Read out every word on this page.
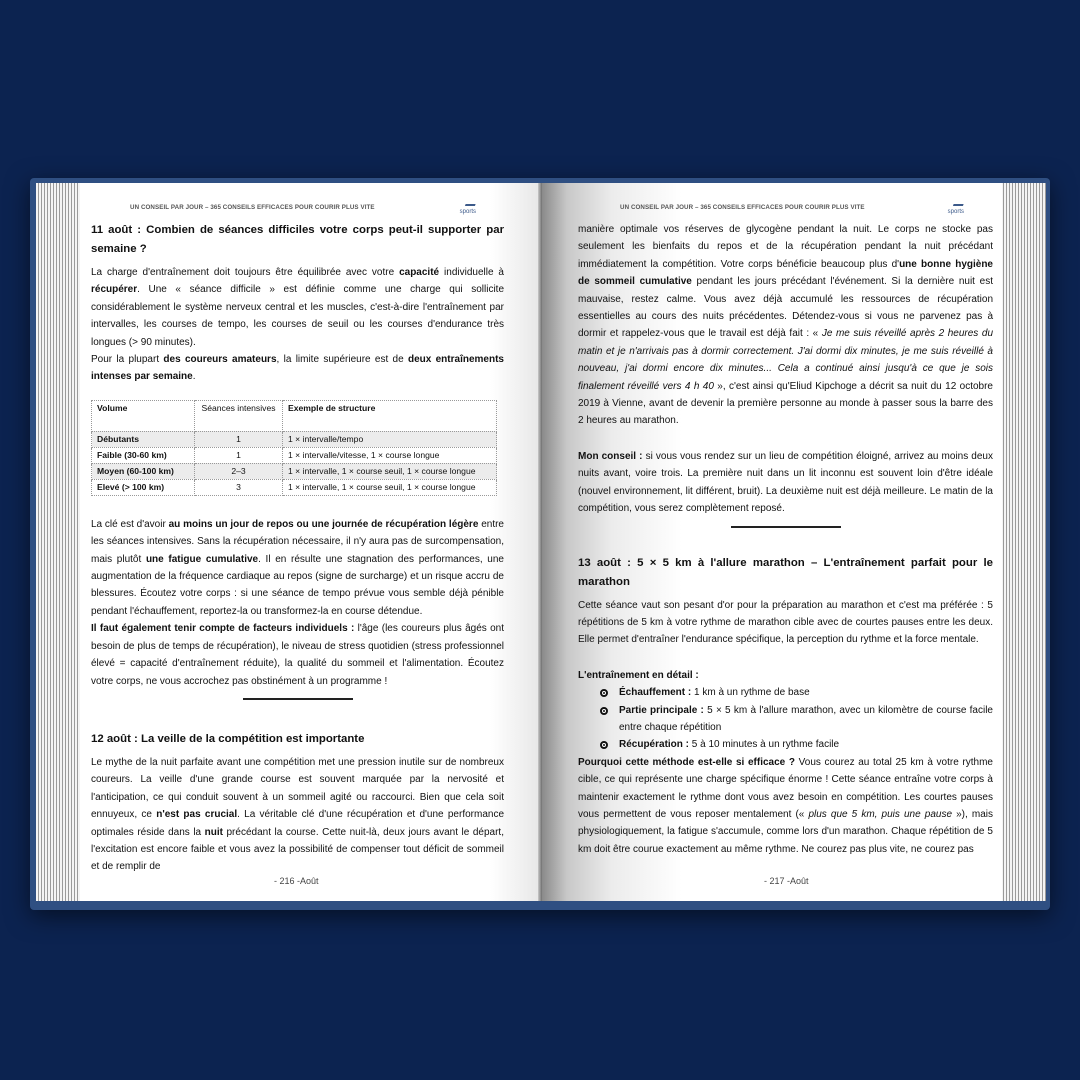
UN CONSEIL PAR JOUR – 365 CONSEILS EFFICACES POUR COURIR PLUS VITE

sports
11 août : Combien de séances difficiles votre corps peut-il supporter par semaine ?

La charge d'entraînement doit toujours être équilibrée avec votre capacité individuelle à récupérer. Une « séance difficile » est définie comme une charge qui sollicite considérablement le système nerveux central et les muscles, c'est-à-dire l'entraînement par intervalles, les courses de tempo, les courses de seuil ou les courses d'endurance très longues (> 90 minutes).

Pour la plupart des coureurs amateurs, la limite supérieure est de deux entraînements intenses par semaine.

Volume	Séances intensives	Exemple de structure
Débutants	1	1 × intervalle/tempo
Faible (30-60 km)	1	1 × intervalle/vitesse, 1 × course longue
Moyen (60-100 km)	2–3	1 × intervalle, 1 × course seuil, 1 × course longue
Elevé (> 100 km)	3	1 × intervalle, 1 × course seuil, 1 × course longue

La clé est d'avoir au moins un jour de repos ou une journée de récupération légère entre les séances intensives. Sans la récupération nécessaire, il n'y aura pas de surcompensation, mais plutôt une fatigue cumulative. Il en résulte une stagnation des performances, une augmentation de la fréquence cardiaque au repos (signe de surcharge) et un risque accru de blessures. Écoutez votre corps : si une séance de tempo prévue vous semble déjà pénible pendant l'échauffement, reportez-la ou transformez-la en course détendue.

Il faut également tenir compte de facteurs individuels : l'âge (les coureurs plus âgés ont besoin de plus de temps de récupération), le niveau de stress quotidien (stress professionnel élevé = capacité d'entraînement réduite), la qualité du sommeil et l'alimentation. Écoutez votre corps, ne vous accrochez pas obstinément à un programme !

12 août : La veille de la compétition est importante

Le mythe de la nuit parfaite avant une compétition met une pression inutile sur de nombreux coureurs. La veille d'une grande course est souvent marquée par la nervosité et l'anticipation, ce qui conduit souvent à un sommeil agité ou raccourci. Bien que cela soit ennuyeux, ce n'est pas crucial. La véritable clé d'une récupération et d'une performance optimales réside dans la nuit précédant la course. Cette nuit-là, deux jours avant le départ, l'excitation est encore faible et vous avez la possibilité de compenser tout déficit de sommeil et de remplir de

- 216 -Août
UN CONSEIL PAR JOUR – 365 CONSEILS EFFICACES POUR COURIR PLUS VITE

sports

manière optimale vos réserves de glycogène pendant la nuit. Le corps ne stocke pas seulement les bienfaits du repos et de la récupération pendant la nuit précédant immédiatement la compétition. Votre corps bénéficie beaucoup plus d'une bonne hygiène de sommeil cumulative pendant les jours précédant l'événement. Si la dernière nuit est mauvaise, restez calme. Vous avez déjà accumulé les ressources de récupération essentielles au cours des nuits précédentes. Détendez-vous si vous ne parvenez pas à dormir et rappelez-vous que le travail est déjà fait : « Je me suis réveillé après 2 heures du matin et je n'arrivais pas à dormir correctement. J'ai dormi dix minutes, je me suis réveillé à nouveau, j'ai dormi encore dix minutes... Cela a continué ainsi jusqu'à ce que je sois finalement réveillé vers 4 h 40 », c'est ainsi qu'Eliud Kipchoge a décrit sa nuit du 12 octobre 2019 à Vienne, avant de devenir la première personne au monde à passer sous la barre des 2 heures au marathon.

Mon conseil : si vous vous rendez sur un lieu de compétition éloigné, arrivez au moins deux nuits avant, voire trois. La première nuit dans un lit inconnu est souvent loin d'être idéale (nouvel environnement, lit différent, bruit). La deuxième nuit est déjà meilleure. Le matin de la compétition, vous serez complètement reposé.

13 août : 5 × 5 km à l'allure marathon – L'entraînement parfait pour le marathon

Cette séance vaut son pesant d'or pour la préparation au marathon et c'est ma préférée : 5 répétitions de 5 km à votre rythme de marathon cible avec de courtes pauses entre les deux. Elle permet d'entraîner l'endurance spécifique, la perception du rythme et la force mentale.

L'entraînement en détail :

Échauffement : 1 km à un rythme de base
Partie principale : 5 × 5 km à l'allure marathon, avec un kilomètre de course facile entre chaque répétition
Récupération : 5 à 10 minutes à un rythme facile

Pourquoi cette méthode est-elle si efficace ? Vous courez au total 25 km à votre rythme cible, ce qui représente une charge spécifique énorme ! Cette séance entraîne votre corps à maintenir exactement le rythme dont vous avez besoin en compétition. Les courtes pauses vous permettent de vous reposer mentalement (« plus que 5 km, puis une pause »), mais physiologiquement, la fatigue s'accumule, comme lors d'un marathon. Chaque répétition de 5 km doit être courue exactement au même rythme. Ne courez pas plus vite, ne courez pas

- 217 -Août
